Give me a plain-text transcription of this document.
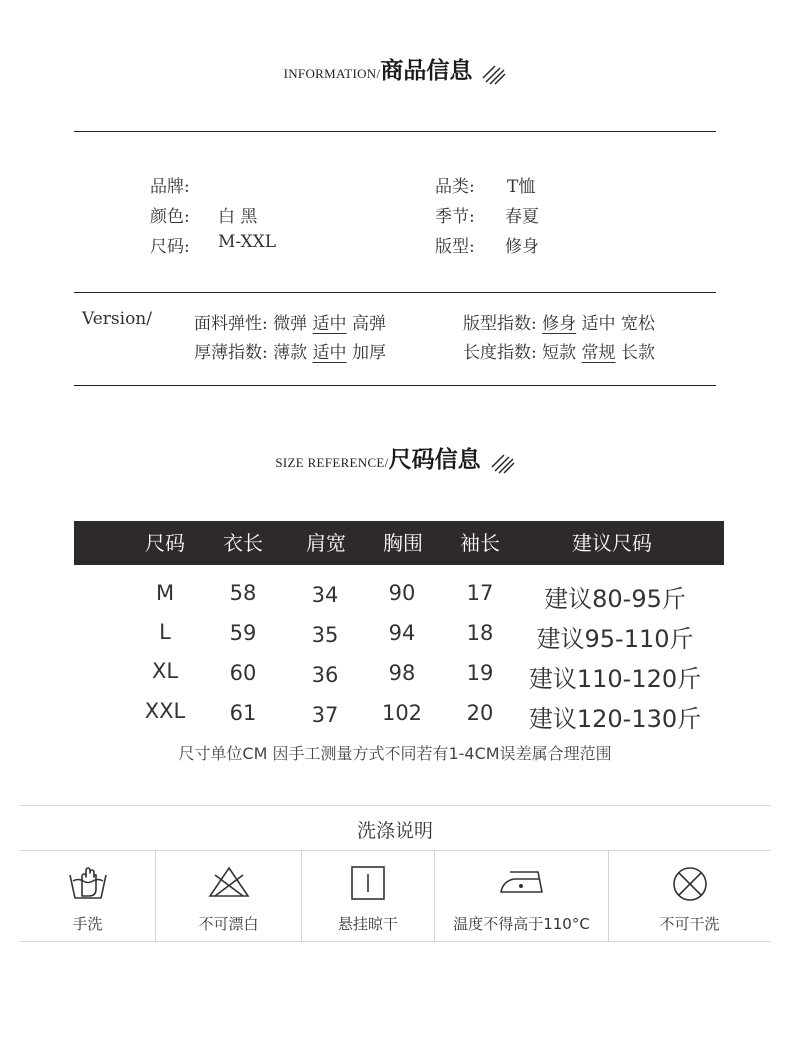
INFORMATION/商品信息
品牌:
颜色: 白 黑
尺码: M-XXL
品类: T恤
季节: 春夏
版型: 修身
Version/ 面料弹性: 微弹 适中 高弹
厚薄指数: 薄款 适中 加厚
版型指数: 修身 适中 宽松
长度指数: 短款 常规 长款
SIZE REFERENCE/尺码信息
尺码 衣长 肩宽 胸围 袖长	建议尺码
M	58	34 90 17 建议80-95斤
L	59	35 94 18 建议95-110斤
XL 60	36 98 19 建议110-120斤
XXL 61	37 102 20 建议120-130斤
尺寸单位CM 因手工测量方式不同若有1-4CM误差属合理范围
洗涤说明
手洗	不可漂白	悬挂晾干	温度不得高于110°C	不可干洗
